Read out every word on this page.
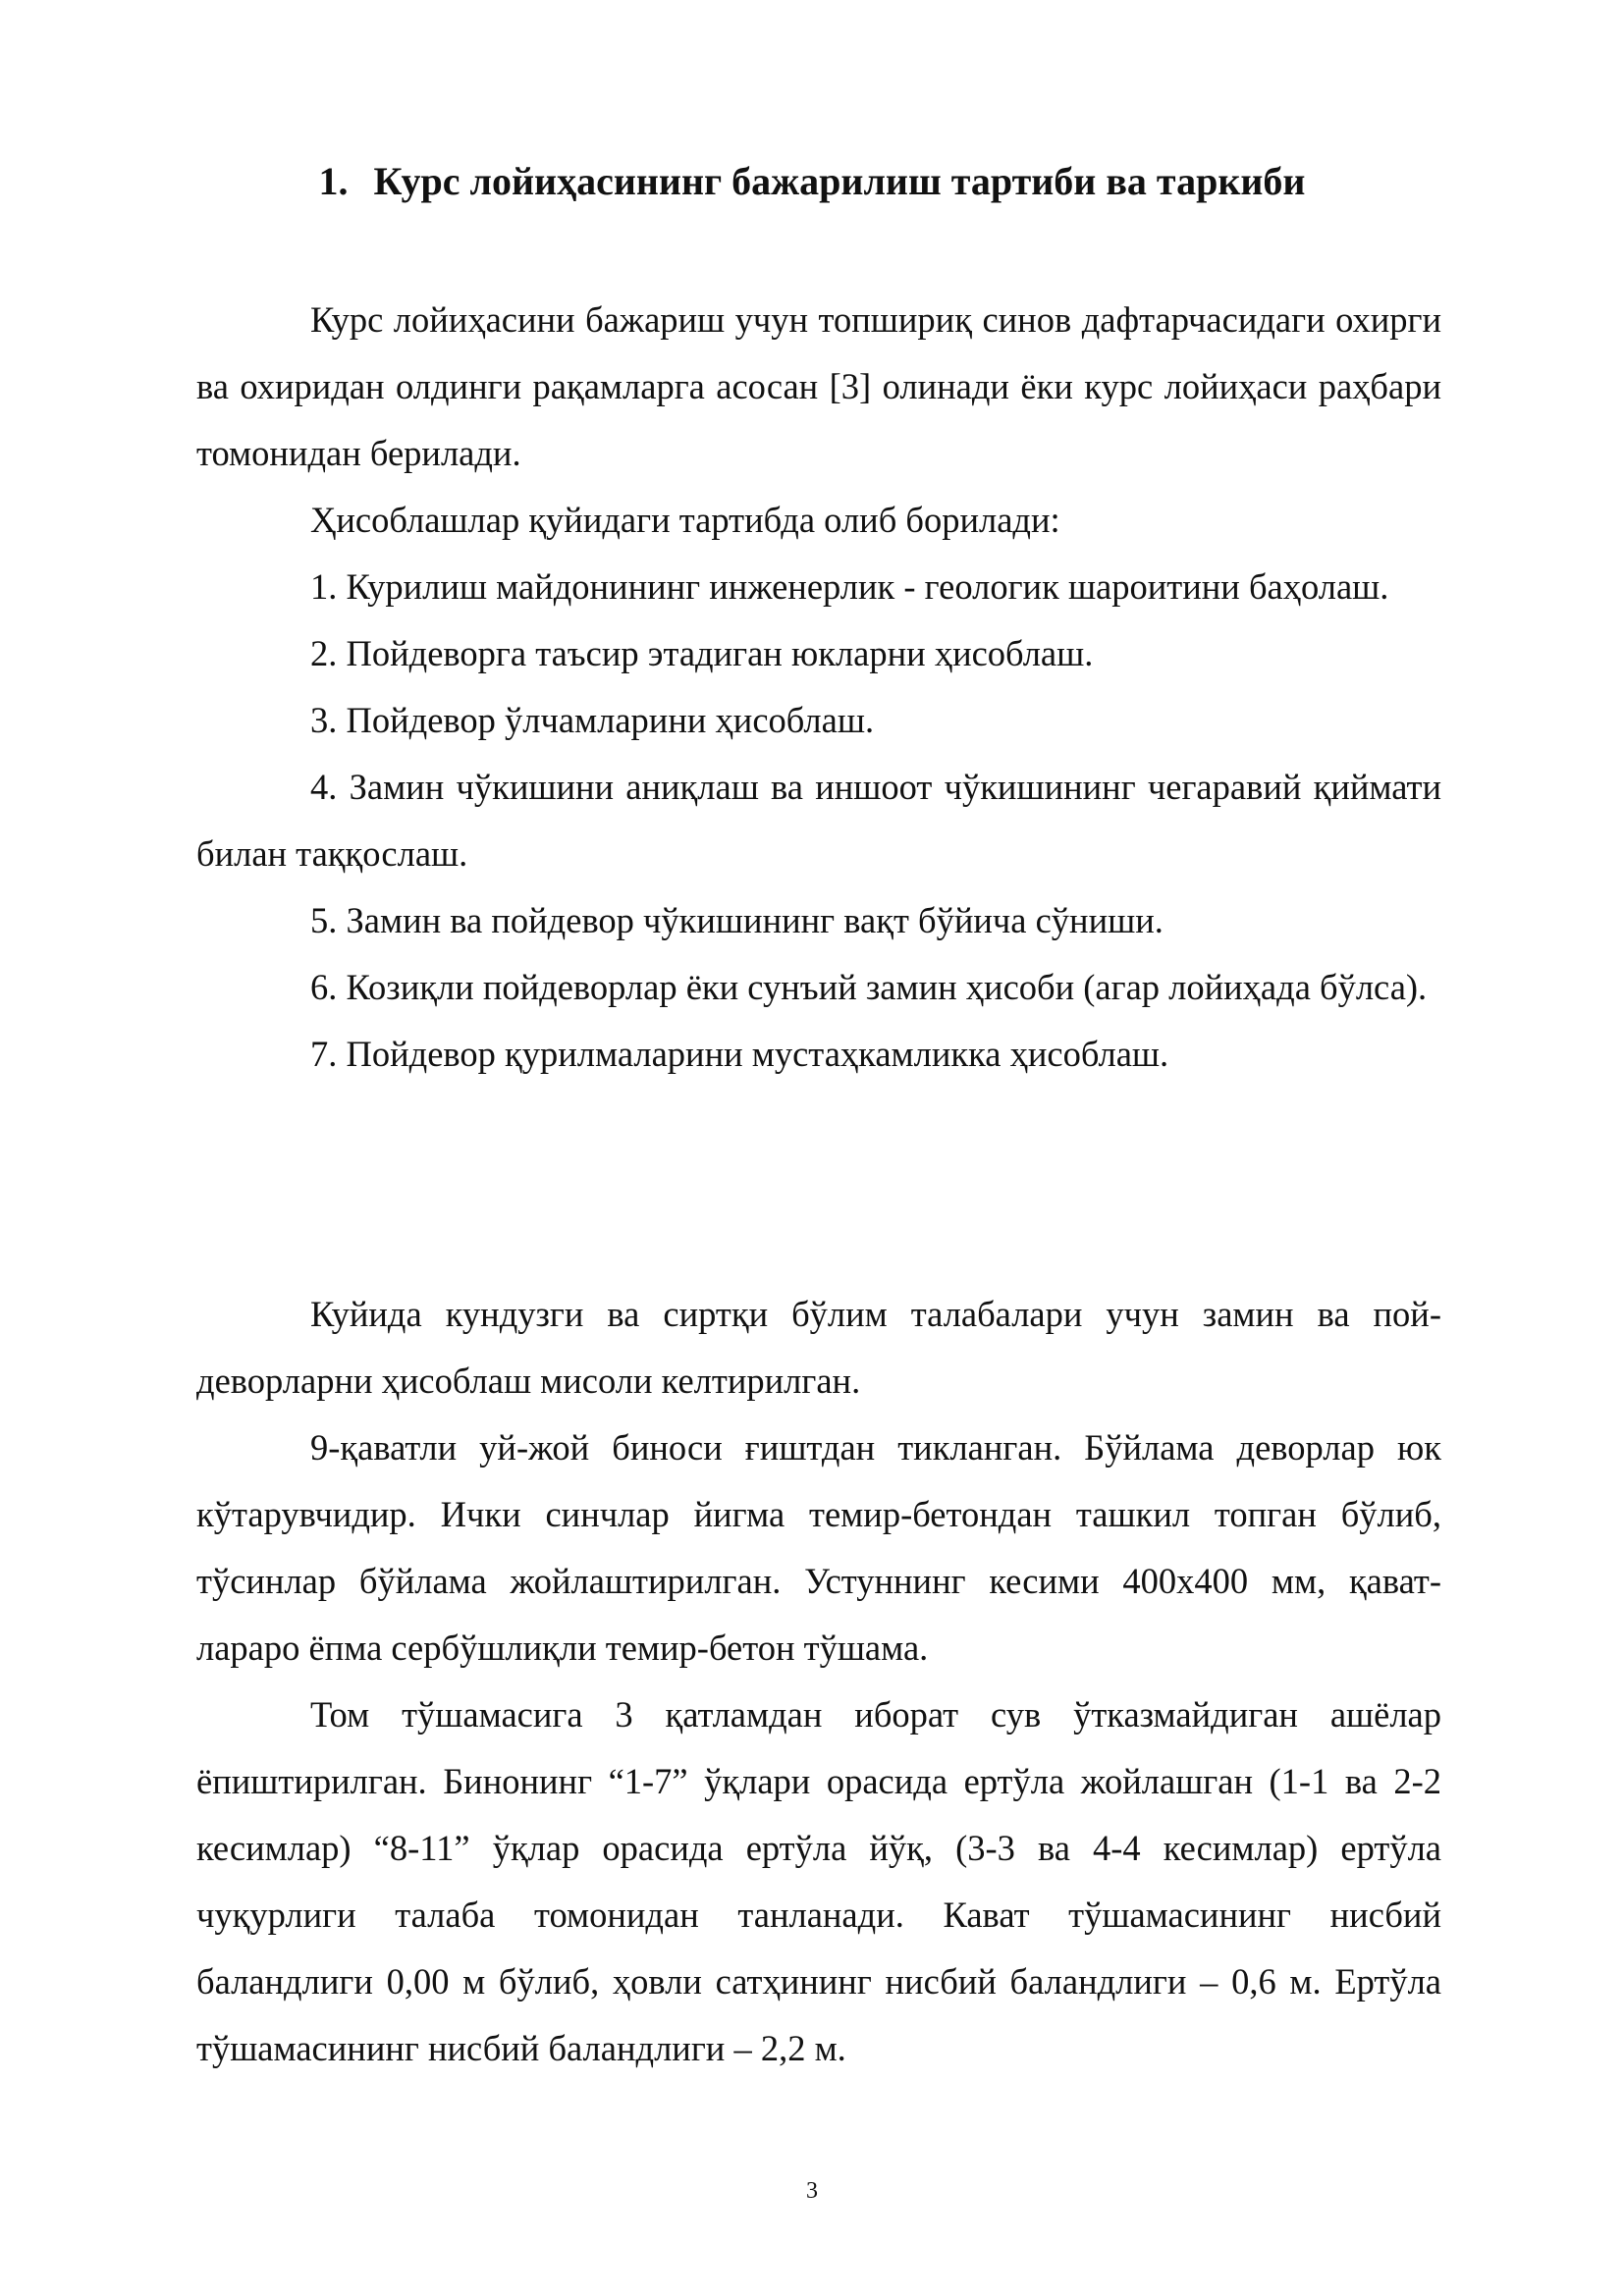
1. Курс лойиҳасининг бажарилиш тартиби ва таркиби

Курс лойиҳасини бажариш учун топшириқ синов дафтарчасидаги охирги ва охиридан олдинги рақамларга асосан [3] олинади ёки курс лойиҳаси раҳбари томонидан берилади.

Ҳисоблашлар қуйидаги тартибда олиб борилади:

1. Курилиш майдонининг инженерлик - геологик шароитини баҳолаш.

2. Пойдеворга таъсир этадиган юкларни ҳисоблаш.

3. Пойдевор ўлчамларини ҳисоблаш.

4. Замин чўкишини аниқлаш ва иншоот чўкишининг чегаравий қиймати билан таққослаш.

5. Замин ва пойдевор чўкишининг вақт бўйича сўниши.

6. Козиқли пойдеворлар ёки сунъий замин ҳисоби (агар лойиҳада бўлса).

7. Пойдевор қурилмаларини мустаҳкамликка ҳисоблаш.

Куйида кундузги ва сиртқи бўлим талабалари учун замин ва пой-деворларни ҳисоблаш мисоли келтирилган.

9-қаватли уй-жой биноси ғиштдан тикланган. Бўйлама деворлар юк кўтарувчидир. Ички синчлар йигма темир-бетондан ташкил топган бўлиб, тўсинлар бўйлама жойлаштирилган. Устуннинг кесими 400х400 мм, қават-лараро ёпма сербўшлиқли темир-бетон тўшама.

Том тўшамасига 3 қатламдан иборат сув ўтказмайдиган ашёлар ёпиштирилган. Бинонинг “1-7” ўқлари орасида ертўла жойлашган (1-1 ва 2-2 кесимлар) “8-11” ўқлар орасида ертўла йўқ, (3-3 ва 4-4 кесимлар) ертўла чуқурлиги талаба томонидан танланади. Кават тўшамасининг нисбий баландлиги 0,00 м бўлиб, ҳовли сатҳининг нисбий баландлиги – 0,6 м. Ертўла тўшамасининг нисбий баландлиги – 2,2 м.

3
